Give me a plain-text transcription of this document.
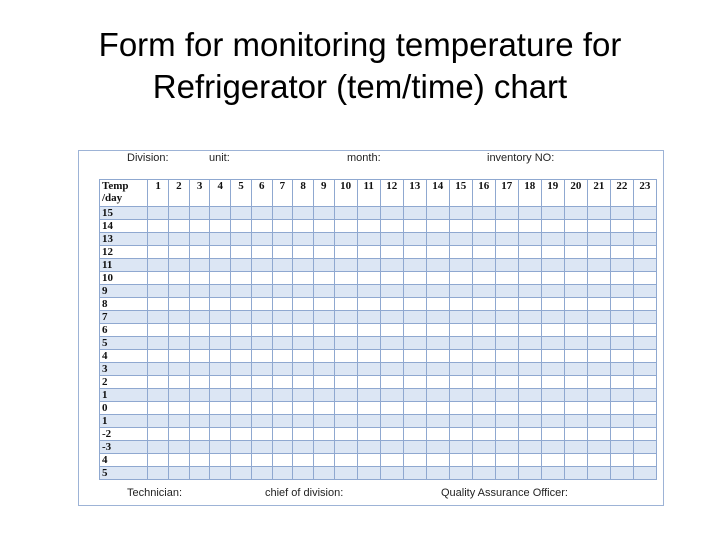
Form for monitoring temperature for
Refrigerator (tem/time) chart
Division:	unit:	month:	inventory NO:
Temp
/day	1	2	3	4	5	6	7	8	9	10	11	12	13	14	15	16	17	18	19	20	21	22	23
15																							
14																							
13																							
12																							
11																							
10																							
9																							
8																							
7																							
6																							
5																							
4																							
3																							
2																							
1																							
0																							
1																							
-2																							
-3																							
4																							
5																							
Technician:	chief of division:	Quality Assurance Officer:
